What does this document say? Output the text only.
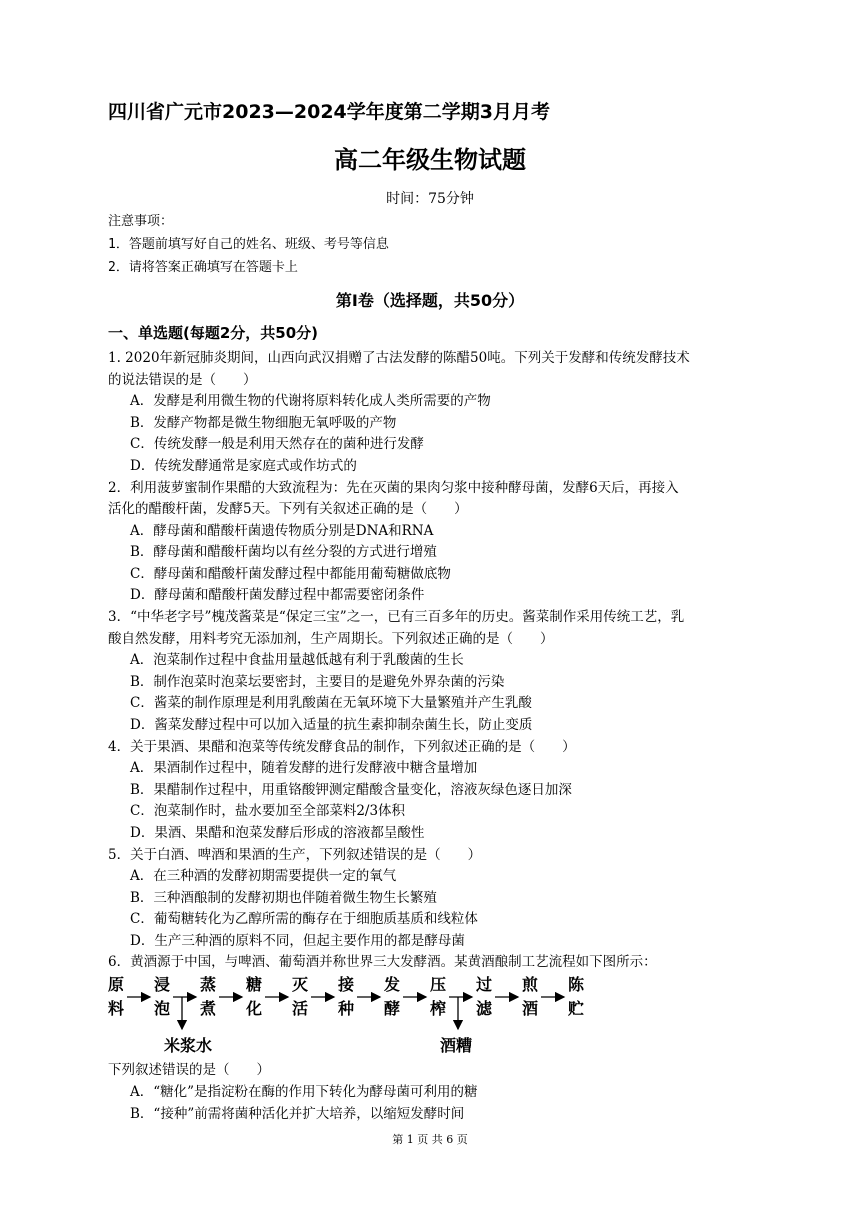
四川省广元市2023—2024学年度第二学期3月月考
高二年级生物试题
时间：75分钟
注意事项：
1．答题前填写好自己的姓名、班级、考号等信息
2．请将答案正确填写在答题卡上
第Ⅰ卷（选择题，共50分）
一、单选题(每题2分，共50分)
1. 2020年新冠肺炎期间，山西向武汉捐赠了古法发酵的陈醋50吨。下列关于发酵和传统发酵技术
的说法错误的是（　　）
A．发酵是利用微生物的代谢将原料转化成人类所需要的产物
B．发酵产物都是微生物细胞无氧呼吸的产物
C．传统发酵一般是利用天然存在的菌种进行发酵
D．传统发酵通常是家庭式或作坊式的
2．利用菠萝蜜制作果醋的大致流程为：先在灭菌的果肉匀浆中接种酵母菌，发酵6天后，再接入
活化的醋酸杆菌，发酵5天。下列有关叙述正确的是（　　）
A．酵母菌和醋酸杆菌遗传物质分别是DNA和RNA
B．酵母菌和醋酸杆菌均以有丝分裂的方式进行增殖
C．酵母菌和醋酸杆菌发酵过程中都能用葡萄糖做底物
D．酵母菌和醋酸杆菌发酵过程中都需要密闭条件
3．“中华老字号”槐茂酱菜是“保定三宝”之一，已有三百多年的历史。酱菜制作采用传统工艺，乳
酸自然发酵，用料考究无添加剂，生产周期长。下列叙述正确的是（　　）
A．泡菜制作过程中食盐用量越低越有利于乳酸菌的生长
B．制作泡菜时泡菜坛要密封，主要目的是避免外界杂菌的污染
C．酱菜的制作原理是利用乳酸菌在无氧环境下大量繁殖并产生乳酸
D．酱菜发酵过程中可以加入适量的抗生素抑制杂菌生长，防止变质
4．关于果酒、果醋和泡菜等传统发酵食品的制作，下列叙述正确的是（　　）
A．果酒制作过程中，随着发酵的进行发酵液中糖含量增加
B．果醋制作过程中，用重铬酸钾测定醋酸含量变化，溶液灰绿色逐日加深
C．泡菜制作时，盐水要加至全部菜料2/3体积
D．果酒、果醋和泡菜发酵后形成的溶液都呈酸性
5．关于白酒、啤酒和果酒的生产，下列叙述错误的是（　　）
A．在三种酒的发酵初期需要提供一定的氧气
B．三种酒酿制的发酵初期也伴随着微生物生长繁殖
C．葡萄糖转化为乙醇所需的酶存在于细胞质基质和线粒体
D．生产三种酒的原料不同，但起主要作用的都是酵母菌
6．黄酒源于中国，与啤酒、葡萄酒并称世界三大发酵酒。某黄酒酿制工艺流程如下图所示：
米浆水	酒糟
原
料
浸
泡
蒸
煮
糖
化
灭
活
接
种
发
酵
压
榨
过
滤
煎
酒
陈
贮
下列叙述错误的是（　　）
A．“糖化”是指淀粉在酶的作用下转化为酵母菌可利用的糖
B．“接种”前需将菌种活化并扩大培养，以缩短发酵时间
第 1 页 共 6 页
